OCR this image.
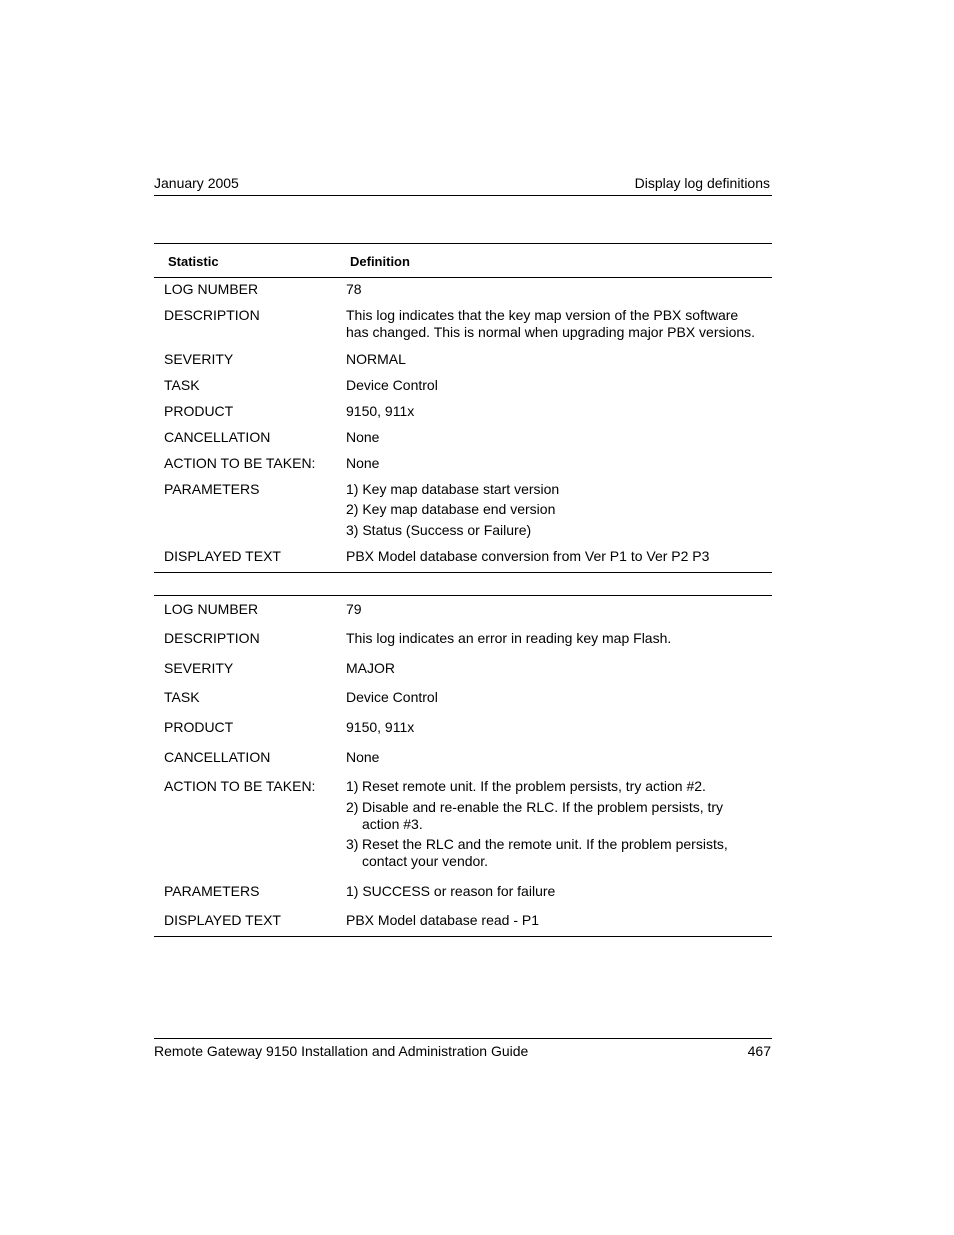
January 2005	Display log definitions
Statistic	Definition
LOG NUMBER	78
DESCRIPTION	This log indicates that the key map version of the PBX software has changed. This is normal when upgrading major PBX versions.
SEVERITY	NORMAL
TASK	Device Control
PRODUCT	9150, 911x
CANCELLATION	None
ACTION TO BE TAKEN:	None
PARAMETERS	1) Key map database start version
2) Key map database end version
3) Status (Success or Failure)
DISPLAYED TEXT	PBX Model database conversion from Ver P1 to Ver P2 P3
LOG NUMBER	79
DESCRIPTION	This log indicates an error in reading key map Flash.
SEVERITY	MAJOR
TASK	Device Control
PRODUCT	9150, 911x
CANCELLATION	None
ACTION TO BE TAKEN:	1) Reset remote unit. If the problem persists, try action #2.
2) Disable and re-enable the RLC. If the problem persists, try action #3.
3) Reset the RLC and the remote unit. If the problem persists, contact your vendor.
PARAMETERS	1) SUCCESS or reason for failure
DISPLAYED TEXT	PBX Model database read - P1
Remote Gateway 9150 Installation and Administration Guide	467
